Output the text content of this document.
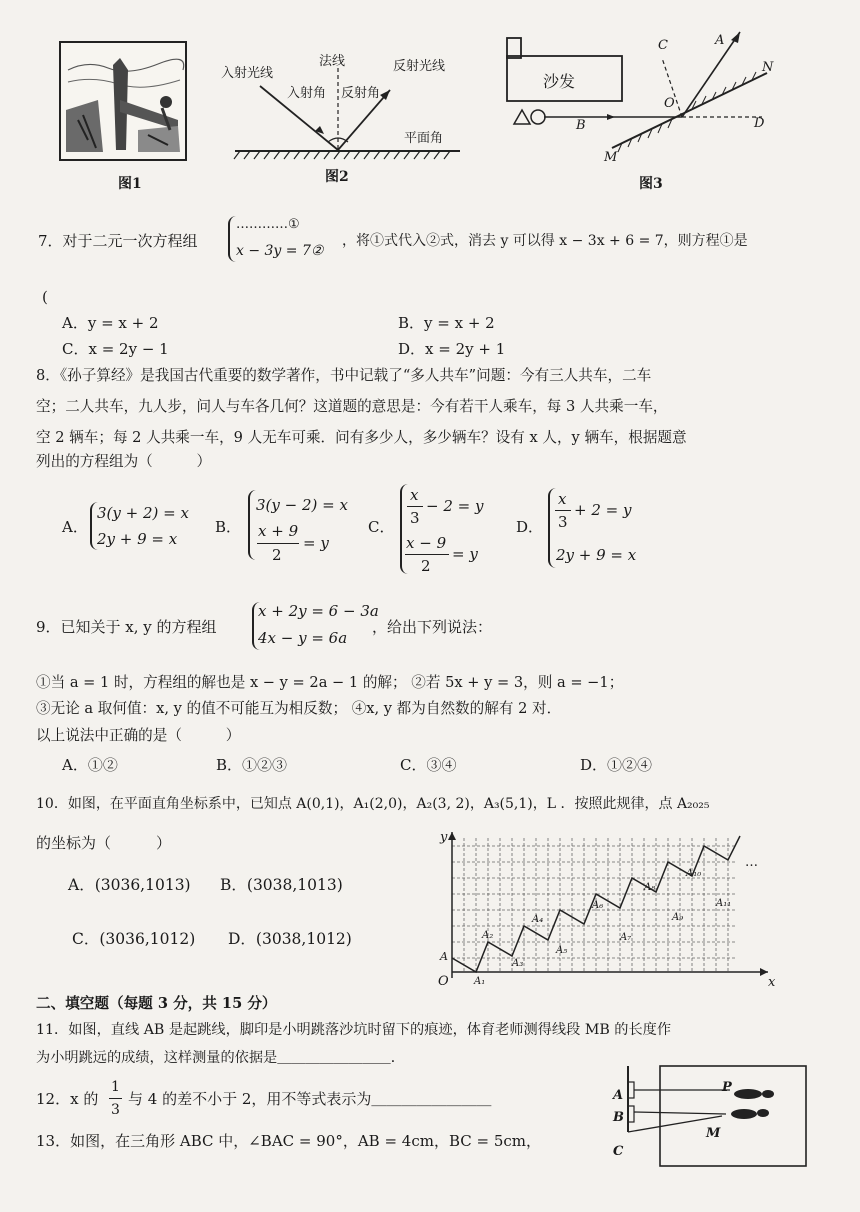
图1
入射光线
法线	反射光线
入射角 反射角
平面角
图2
沙发
C	A
N
O
B	D
M
图3
7．对于二元一次方程组
…………①
x − 3y = 7②
，将①式代入②式，消去 y 可以得 x − 3x + 6 = 7，则方程①是
(
A．y = x + 2	B．y = x + 2
C．x = 2y − 1	D．x = 2y + 1
8．《孙子算经》是我国古代重要的数学著作，书中记载了“多人共车”问题：今有三人共车，二车
空；二人共车，九人步，问人与车各几何？这道题的意思是：今有若干人乘车，每 3 人共乘一车，
空 2 辆车；每 2 人共乘一车，9 人无车可乘．问有多少人，多少辆车？设有 x 人，y 辆车，根据题意
列出的方程组为（　　　）
A．
3(y + 2) = x
2y + 9 = x
B．
3(y − 2) = x
x + 9
2
= y
C．
x
3
− 2 = y
x − 9
2
= y
D．
x
3
+ 2 = y
2y + 9 = x
9．已知关于 x, y 的方程组
x + 2y = 6 − 3a
4x − y = 6a
，给出下列说法：
①当 a = 1 时，方程组的解也是 x − y = 2a − 1 的解； ②若 5x + y = 3，则 a = −1；
③无论 a 取何值：x, y 的值不可能互为相反数； ④x, y 都为自然数的解有 2 对．
以上说法中正确的是（　　　）
A．①②	B．①②③	C．③④	D．①②④
10．如图，在平面直角坐标系中，已知点 A(0,1)，A₁(2,0)，A₂(3, 2)，A₃(5,1)，L ．按照此规律，点 A₂₀₂₅
的坐标为（　　　）
A．(3036,1013) B．(3038,1013)
C．(3036,1012) D．(3038,1012)
y
x
O
…
A
A₁
A₂
A₃
A₄
A₅
A₆
A₇
A₈
A₉
A₁₀
A₁₁
二、填空题（每题 3 分，共 15 分）
11．如图，直线 AB 是起跳线，脚印是小明跳落沙坑时留下的痕迹，体育老师测得线段 MB 的长度作
为小明跳远的成绩，这样测量的依据是＿＿＿＿＿＿＿＿．
A
B
C
P
M
12．x 的
1
3
与 4 的差不小于 2，用不等式表示为＿＿＿＿＿＿＿＿
13．如图，在三角形 ABC 中，∠BAC = 90°，AB = 4cm，BC = 5cm，
